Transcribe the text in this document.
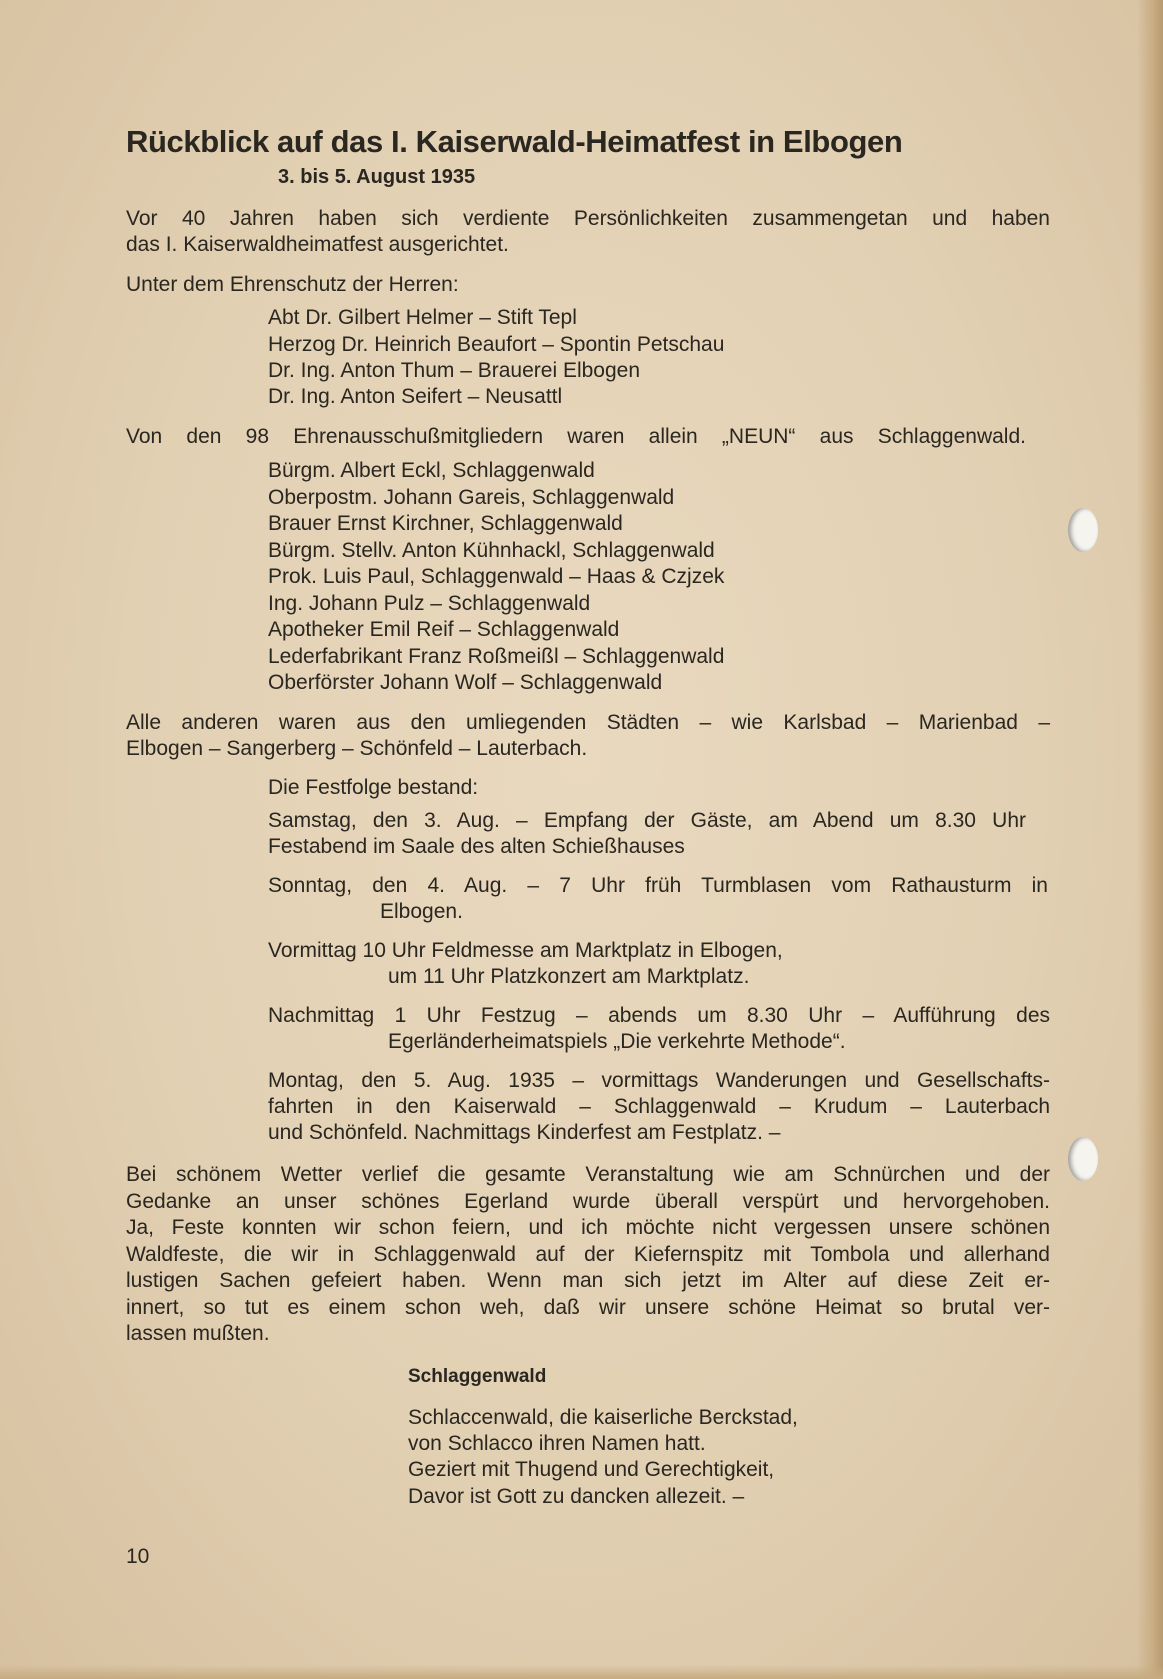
Rückblick auf das I. Kaiserwald-Heimatfest in Elbogen
3. bis 5. August 1935
Vor 40 Jahren haben sich verdiente Persönlichkeiten zusammengetan und haben
das I. Kaiserwaldheimatfest ausgerichtet.
Unter dem Ehrenschutz der Herren:
Abt Dr. Gilbert Helmer – Stift Tepl
Herzog Dr. Heinrich Beaufort – Spontin Petschau
Dr. Ing. Anton Thum – Brauerei Elbogen
Dr. Ing. Anton Seifert – Neusattl
Von den 98 Ehrenausschußmitgliedern waren allein „NEUN“ aus Schlaggenwald.
Bürgm. Albert Eckl, Schlaggenwald
Oberpostm. Johann Gareis, Schlaggenwald
Brauer Ernst Kirchner, Schlaggenwald
Bürgm. Stellv. Anton Kühnhackl, Schlaggenwald
Prok. Luis Paul, Schlaggenwald – Haas & Czjzek
Ing. Johann Pulz – Schlaggenwald
Apotheker Emil Reif – Schlaggenwald
Lederfabrikant Franz Roßmeißl – Schlaggenwald
Oberförster Johann Wolf – Schlaggenwald
Alle anderen waren aus den umliegenden Städten – wie Karlsbad – Marienbad –
Elbogen – Sangerberg – Schönfeld – Lauterbach.
Die Festfolge bestand:
Samstag, den 3. Aug. – Empfang der Gäste, am Abend um 8.30 Uhr
Festabend im Saale des alten Schießhauses
Sonntag, den 4. Aug. – 7 Uhr früh Turmblasen vom Rathausturm in
Elbogen.
Vormittag 10 Uhr Feldmesse am Marktplatz in Elbogen,
um 11 Uhr Platzkonzert am Marktplatz.
Nachmittag 1 Uhr Festzug – abends um 8.30 Uhr – Aufführung des
Egerländerheimatspiels „Die verkehrte Methode“.
Montag, den 5. Aug. 1935 – vormittags Wanderungen und Gesellschafts-
fahrten in den Kaiserwald – Schlaggenwald – Krudum – Lauterbach
und Schönfeld. Nachmittags Kinderfest am Festplatz. –
Bei schönem Wetter verlief die gesamte Veranstaltung wie am Schnürchen und der
Gedanke an unser schönes Egerland wurde überall verspürt und hervorgehoben.
Ja, Feste konnten wir schon feiern, und ich möchte nicht vergessen unsere schönen
Waldfeste, die wir in Schlaggenwald auf der Kiefernspitz mit Tombola und allerhand
lustigen Sachen gefeiert haben. Wenn man sich jetzt im Alter auf diese Zeit er-
innert, so tut es einem schon weh, daß wir unsere schöne Heimat so brutal ver-
lassen mußten.
Schlaggenwald
Schlaccenwald, die kaiserliche Berckstad,
von Schlacco ihren Namen hatt.
Geziert mit Thugend und Gerechtigkeit,
Davor ist Gott zu dancken allezeit. –
10
